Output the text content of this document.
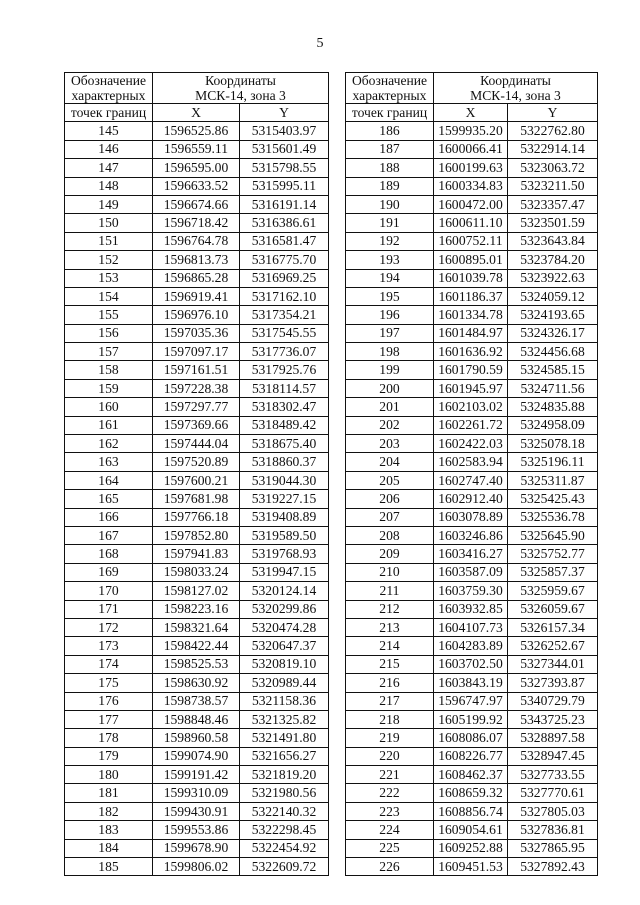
5
Обозначение
характерных	Координаты
МСК-14, зона 3	

точек границ	X	Y
145	1596525.86	5315403.97
146	1596559.11	5315601.49
147	1596595.00	5315798.55
148	1596633.52	5315995.11
149	1596674.66	5316191.14
150	1596718.42	5316386.61
151	1596764.78	5316581.47
152	1596813.73	5316775.70
153	1596865.28	5316969.25
154	1596919.41	5317162.10
155	1596976.10	5317354.21
156	1597035.36	5317545.55
157	1597097.17	5317736.07
158	1597161.51	5317925.76
159	1597228.38	5318114.57
160	1597297.77	5318302.47
161	1597369.66	5318489.42
162	1597444.04	5318675.40
163	1597520.89	5318860.37
164	1597600.21	5319044.30
165	1597681.98	5319227.15
166	1597766.18	5319408.89
167	1597852.80	5319589.50
168	1597941.83	5319768.93
169	1598033.24	5319947.15
170	1598127.02	5320124.14
171	1598223.16	5320299.86
172	1598321.64	5320474.28
173	1598422.44	5320647.37
174	1598525.53	5320819.10
175	1598630.92	5320989.44
176	1598738.57	5321158.36
177	1598848.46	5321325.82
178	1598960.58	5321491.80
179	1599074.90	5321656.27
180	1599191.42	5321819.20
181	1599310.09	5321980.56
182	1599430.91	5322140.32
183	1599553.86	5322298.45
184	1599678.90	5322454.92
185	1599806.02	5322609.72
Обозначение
характерных	Координаты
МСК-14, зона 3	

точек границ	X	Y
186	1599935.20	5322762.80
187	1600066.41	5322914.14
188	1600199.63	5323063.72
189	1600334.83	5323211.50
190	1600472.00	5323357.47
191	1600611.10	5323501.59
192	1600752.11	5323643.84
193	1600895.01	5323784.20
194	1601039.78	5323922.63
195	1601186.37	5324059.12
196	1601334.78	5324193.65
197	1601484.97	5324326.17
198	1601636.92	5324456.68
199	1601790.59	5324585.15
200	1601945.97	5324711.56
201	1602103.02	5324835.88
202	1602261.72	5324958.09
203	1602422.03	5325078.18
204	1602583.94	5325196.11
205	1602747.40	5325311.87
206	1602912.40	5325425.43
207	1603078.89	5325536.78
208	1603246.86	5325645.90
209	1603416.27	5325752.77
210	1603587.09	5325857.37
211	1603759.30	5325959.67
212	1603932.85	5326059.67
213	1604107.73	5326157.34
214	1604283.89	5326252.67
215	1603702.50	5327344.01
216	1603843.19	5327393.87
217	1596747.97	5340729.79
218	1605199.92	5343725.23
219	1608086.07	5328897.58
220	1608226.77	5328947.45
221	1608462.37	5327733.55
222	1608659.32	5327770.61
223	1608856.74	5327805.03
224	1609054.61	5327836.81
225	1609252.88	5327865.95
226	1609451.53	5327892.43
